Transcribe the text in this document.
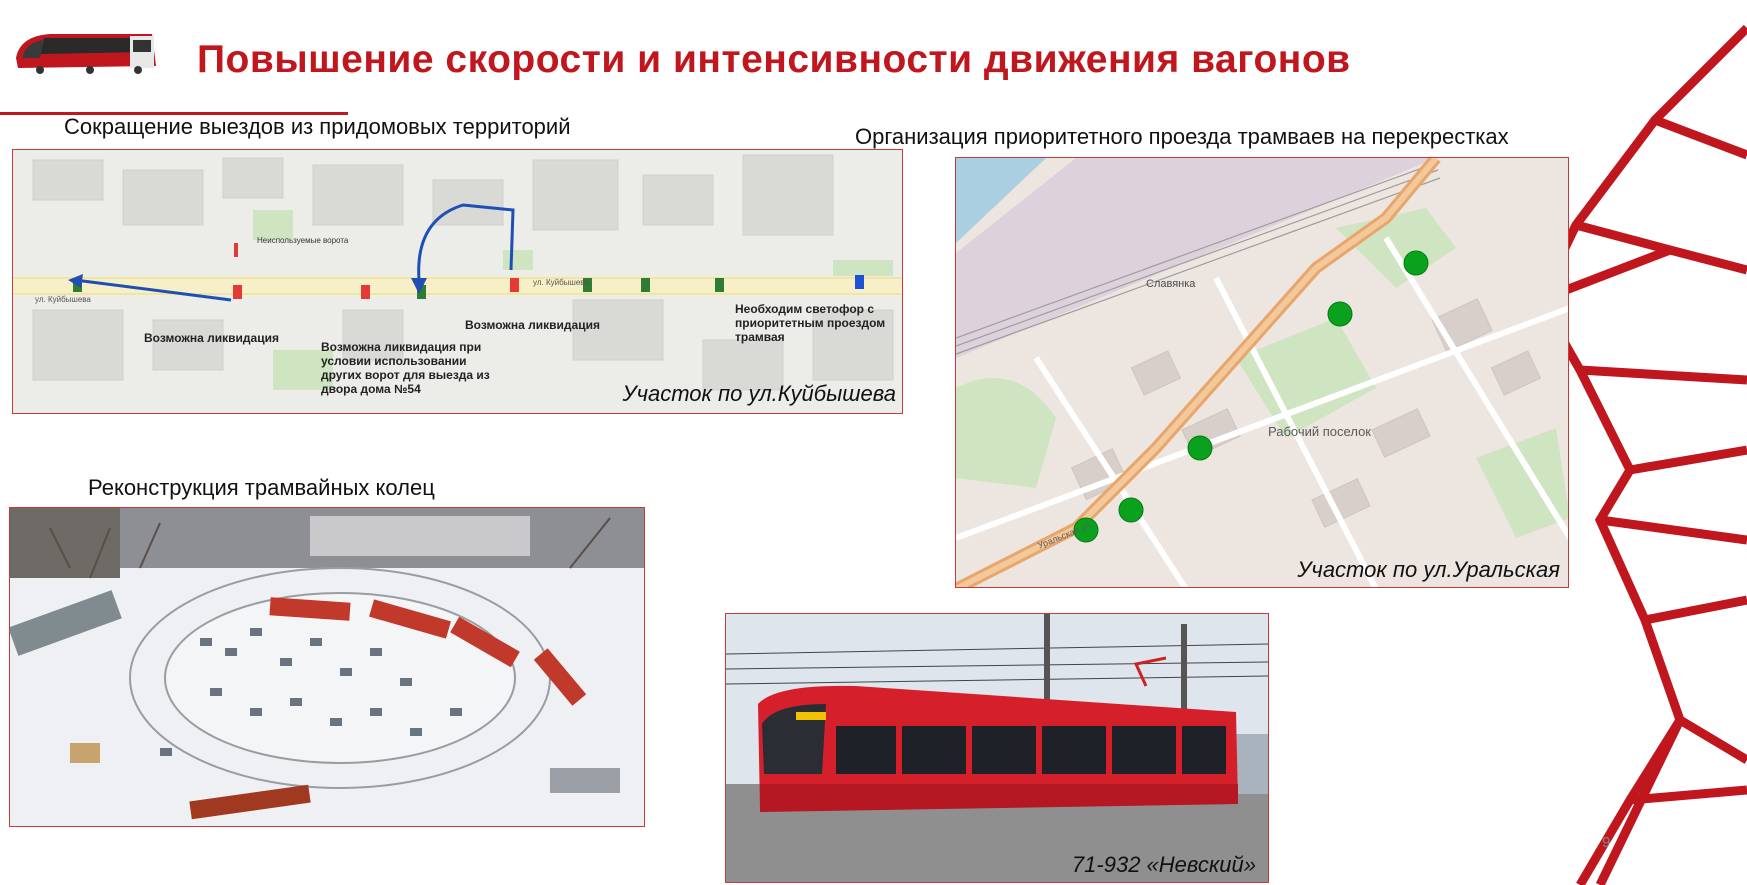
Повышение скорости и интенсивности движения вагонов
Сокращение выездов из придомовых территорий
Неиспользуемые ворота
ул. Куйбышева
ул. Куйбышева
Возможна ликвидация
Возможна ликвидация при условии использовании других ворот для выезда из двора дома №54
Возможна ликвидация
Необходим светофор с приоритетным проездом трамвая
Участок по ул.Куйбышева
Организация приоритетного проезда трамваев на перекрестках
Славянка
Рабочий поселок
Уральская ул.
Участок по ул.Уральская
Реконструкция трамвайных колец
71-932 «Невский»
9
